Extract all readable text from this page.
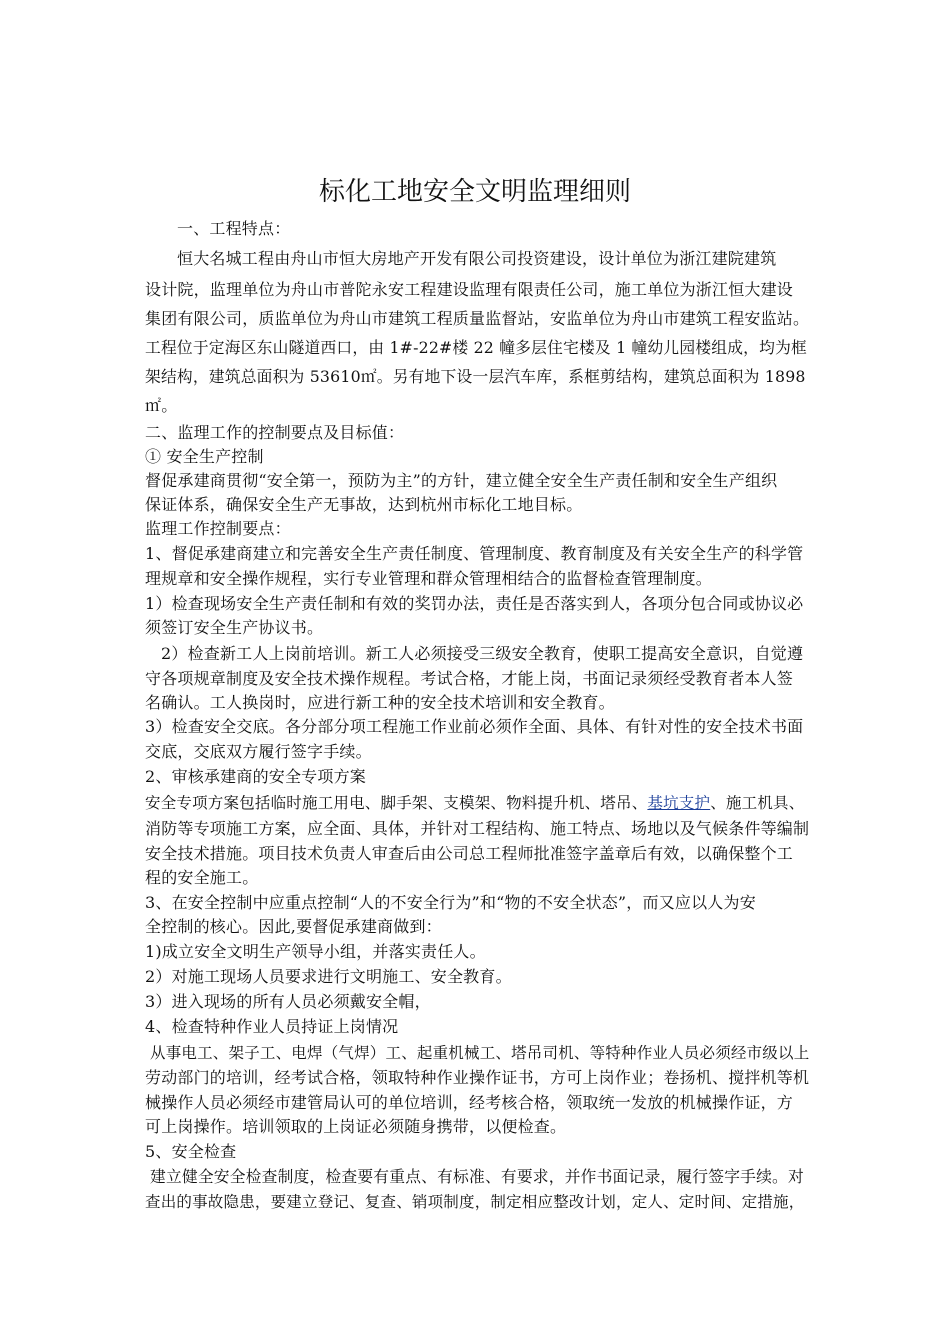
标化工地安全文明监理细则
一、工程特点：
恒大名城工程由舟山市恒大房地产开发有限公司投资建设，设计单位为浙江建院建筑
设计院，监理单位为舟山市普陀永安工程建设监理有限责任公司，施工单位为浙江恒大建设
集团有限公司，质监单位为舟山市建筑工程质量监督站，安监单位为舟山市建筑工程安监站。
工程位于定海区东山隧道西口，由 1#-22#楼 22 幢多层住宅楼及 1 幢幼儿园楼组成，均为框
架结构，建筑总面积为 53610㎡。另有地下设一层汽车库，系框剪结构，建筑总面积为 1898
㎡。
二、监理工作的控制要点及目标值：
① 安全生产控制
督促承建商贯彻“安全第一，预防为主”的方针，建立健全安全生产责任制和安全生产组织
保证体系，确保安全生产无事故，达到杭州市标化工地目标。
监理工作控制要点：
1、督促承建商建立和完善安全生产责任制度、管理制度、教育制度及有关安全生产的科学管
理规章和安全操作规程，实行专业管理和群众管理相结合的监督检查管理制度。
1）检查现场安全生产责任制和有效的奖罚办法，责任是否落实到人，各项分包合同或协议必
须签订安全生产协议书。
2）检查新工人上岗前培训。新工人必须接受三级安全教育，使职工提高安全意识，自觉遵
守各项规章制度及安全技术操作规程。考试合格，才能上岗，书面记录须经受教育者本人签
名确认。工人换岗时，应进行新工种的安全技术培训和安全教育。
3）检查安全交底。各分部分项工程施工作业前必须作全面、具体、有针对性的安全技术书面
交底，交底双方履行签字手续。
2、审核承建商的安全专项方案
安全专项方案包括临时施工用电、脚手架、支模架、物料提升机、塔吊、基坑支护、施工机具、
消防等专项施工方案，应全面、具体，并针对工程结构、施工特点、场地以及气候条件等编制
安全技术措施。项目技术负责人审查后由公司总工程师批准签字盖章后有效，以确保整个工
程的安全施工。
3、在安全控制中应重点控制“人的不安全行为”和“物的不安全状态”，而又应以人为安
全控制的核心。因此,要督促承建商做到：
1)成立安全文明生产领导小组，并落实责任人。
2）对施工现场人员要求进行文明施工、安全教育。
3）进入现场的所有人员必须戴安全帽，
4、检查特种作业人员持证上岗情况
从事电工、架子工、电焊（气焊）工、起重机械工、塔吊司机、等特种作业人员必须经市级以上
劳动部门的培训，经考试合格，领取特种作业操作证书，方可上岗作业；卷扬机、搅拌机等机
械操作人员必须经市建管局认可的单位培训，经考核合格，领取统一发放的机械操作证，方
可上岗操作。培训领取的上岗证必须随身携带，以便检查。
5、安全检查
建立健全安全检查制度，检查要有重点、有标准、有要求，并作书面记录，履行签字手续。对
查出的事故隐患，要建立登记、复查、销项制度，制定相应整改计划，定人、定时间、定措施，
